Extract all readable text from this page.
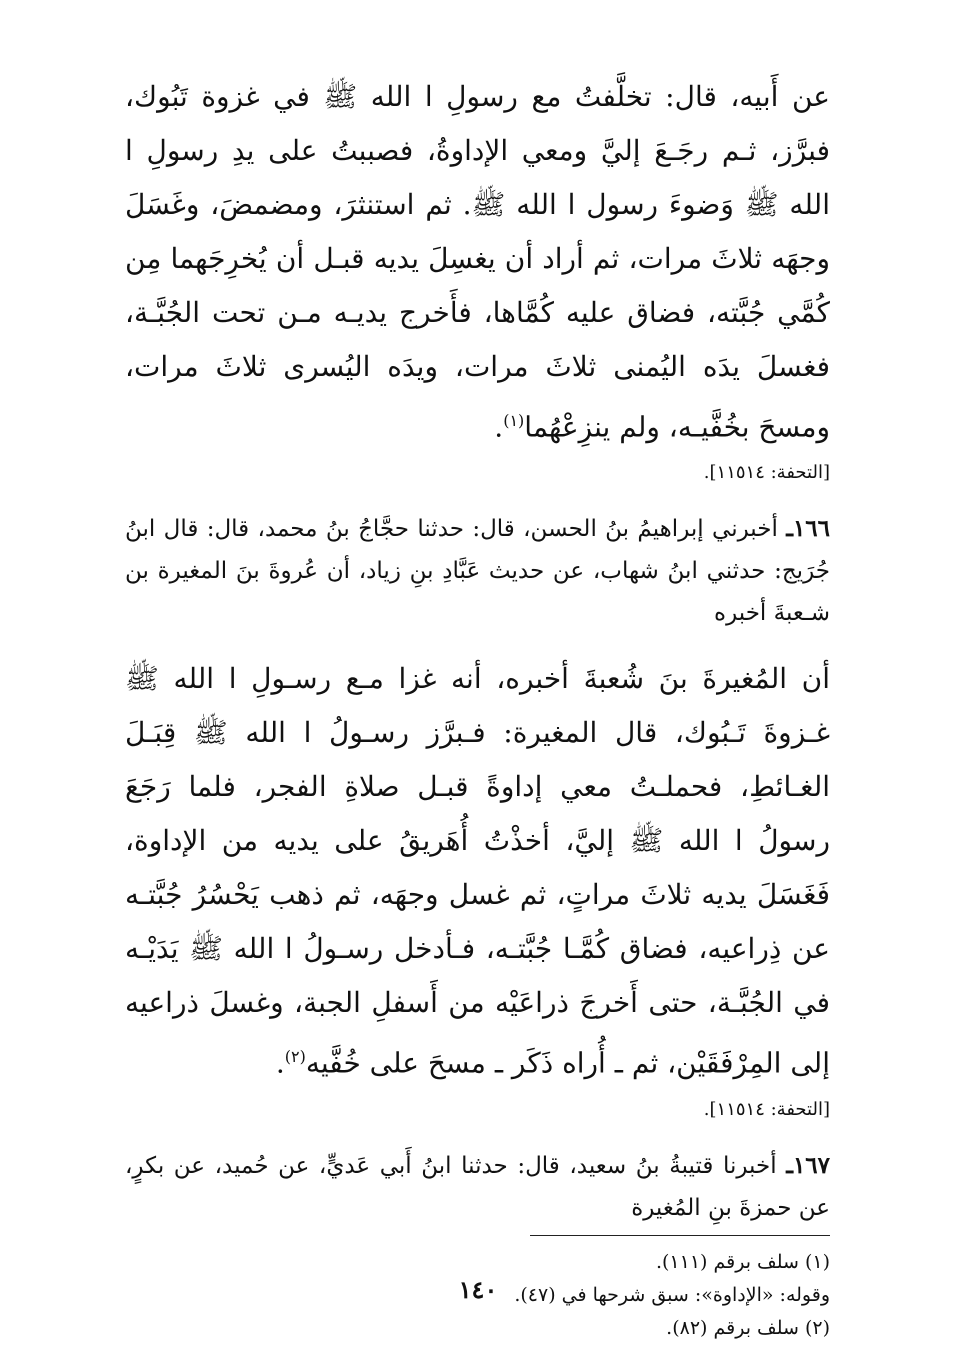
عن أَبيه، قال: تخلَّفتُ مع رسولِ ا الله ﷺ في غزوة تَبُوك، فبرَّز، ثـم رجَـعَ إليَّ ومعي الإداوةُ، فصببتُ على يدِ رسولِ ا الله ﷺ وَضوءَ رسول ا الله ﷺ. ثم استنثرَ، ومضمضَ، وغَسَلَ وجهَه ثلاثَ مرات، ثم أراد أن يغسِلَ يديه قبـل أن يُخرِجَهما مِن كُمَّي جُبَّته، فضاق عليه كُمَّاها، فأَخرج يديـه مـن تحت الجُبَّـة، فغسلَ يدَه اليُمنى ثلاثَ مرات، ويدَه اليُسرى ثلاثَ مرات، ومسحَ بخُفَّيـه، ولم ينزِعْهُما$^{(١)}$.

[التحفة: ١١٥١٤].

١٦٦ـ أخبرني إبراهيمُ بنُ الحسن، قال: حدثنا حجَّاجُ بنُ محمد، قال: قال ابنُ جُرَيج: حدثني ابنُ شهاب، عن حديث عَبَّادِ بنِ زياد، أن عُروةَ بنَ المغيرة بن شـعبةَ أخبره

أن المُغيرةَ بنَ شُعبةَ أخبره، أنه غزا مـع رسـولِ ا الله ﷺ غـزوةَ تَـبُوك، قال المغيرة: فـبرَّز رسـولُ ا الله ﷺ قِبَـلَ الغـائطِ، فحملـتُ معي إداوةً قبـل صلاةِ الفجر، فلما رَجَعَ رسولُ ا الله ﷺ إليَّ، أخذْتُ أُهَريقُ على يديه من الإداوة، فَغَسَلَ يديه ثلاثَ مراتٍ، ثم غسل وجهَه، ثم ذهب يَحْسُرُ جُبَّتـه عن ذِراعيه، فضاق كُمَّـا جُبَّتـه، فـأدخل رسـولُ ا الله ﷺ يَدَيْـه في الجُبَّـة، حتى أَخرجَ ذراعَيْه من أَسفلِ الجبة، وغسلَ ذراعيه إلى المِرْفَقَيْن، ثم ـ أُراه ذَكَر ـ مسحَ على خُفَّيه$^{(٢)}$.

[التحفة: ١١٥١٤].

١٦٧ـ أخبرنا قتيبةُ بنُ سعيد، قال: حدثنا ابنُ أَبي عَديٍّ، عن حُميد، عن بكرٍ، عن حمزةَ بنِ المُغيرة

(١) سلف برقم (١١١).
وقوله: «الإداوة»: سبق شرحها في (٤٧).
(٢) سلف برقم (٨٢).
١٤٠
